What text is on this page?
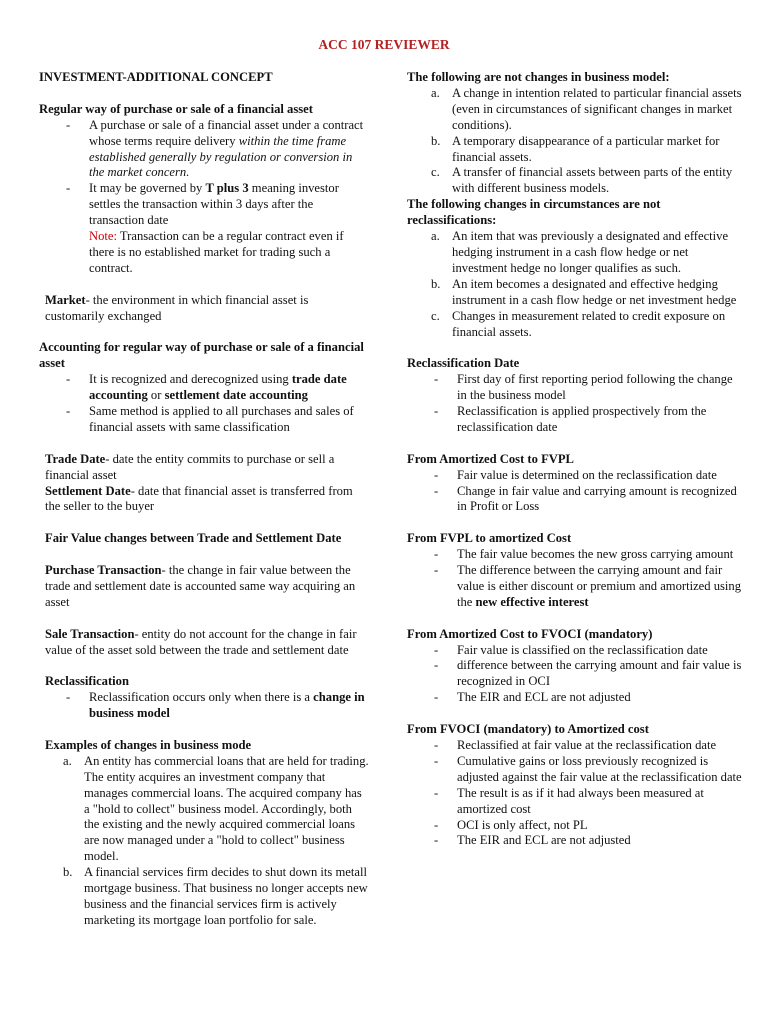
ACC 107 REVIEWER

INVESTMENT-ADDITIONAL CONCEPT

Regular way of purchase or sale of a financial asset

- A purchase or sale of a financial asset under a contract whose terms require delivery within the time frame established generally by regulation or conversion in the market concern.
- It may be governed by T plus 3 meaning investor settles the transaction within 3 days after the transaction date

Note: Transaction can be a regular contract even if there is no established market for trading such a contract.

Market- the environment in which financial asset is customarily exchanged

Accounting for regular way of purchase or sale of a financial asset

- It is recognized and derecognized using trade date accounting or settlement date accounting
- Same method is applied to all purchases and sales of financial assets with same classification

Trade Date- date the entity commits to purchase or sell a financial asset

Settlement Date- date that financial asset is transferred from the seller to the buyer

Fair Value changes between Trade and Settlement Date

Purchase Transaction- the change in fair value between the trade and settlement date is accounted same way acquiring an asset

Sale Transaction- entity do not account for the change in fair value of the asset sold between the trade and settlement date

Reclassification

- Reclassification occurs only when there is a change in business model

Examples of changes in business mode

a. An entity has commercial loans that are held for trading. The entity acquires an investment company that manages commercial loans. The acquired company has a "hold to collect" business model. Accordingly, both the existing and the newly acquired commercial loans are now managed under a "hold to collect" business model.
b. A financial services firm decides to shut down its metall mortgage business. That business no longer accepts new business and the financial services firm is actively marketing its mortgage loan portfolio for sale.

The following are not changes in business model:

a. A change in intention related to particular financial assets (even in circumstances of significant changes in market conditions).
b. A temporary disappearance of a particular market for financial assets.
c. A transfer of financial assets between parts of the entity with different business models.

The following changes in circumstances are not reclassifications:

a. An item that was previously a designated and effective hedging instrument in a cash flow hedge or net investment hedge no longer qualifies as such.
b. An item becomes a designated and effective hedging instrument in a cash flow hedge or net investment hedge
c. Changes in measurement related to credit exposure on financial assets.

Reclassification Date

- First day of first reporting period following the change in the business model
- Reclassification is applied prospectively from the reclassification date

From Amortized Cost to FVPL

- Fair value is determined on the reclassification date
- Change in fair value and carrying amount is recognized in Profit or Loss

From FVPL to amortized Cost

- The fair value becomes the new gross carrying amount
- The difference between the carrying amount and fair value is either discount or premium and amortized using the new effective interest

From Amortized Cost to FVOCI (mandatory)

- Fair value is classified on the reclassification date
- difference between the carrying amount and fair value is recognized in OCI
- The EIR and ECL are not adjusted

From FVOCI (mandatory) to Amortized cost

- Reclassified at fair value at the reclassification date
- Cumulative gains or loss previously recognized is adjusted against the fair value at the reclassification date
- The result is as if it had always been measured at amortized cost
- OCI is only affect, not PL
- The EIR and ECL are not adjusted
